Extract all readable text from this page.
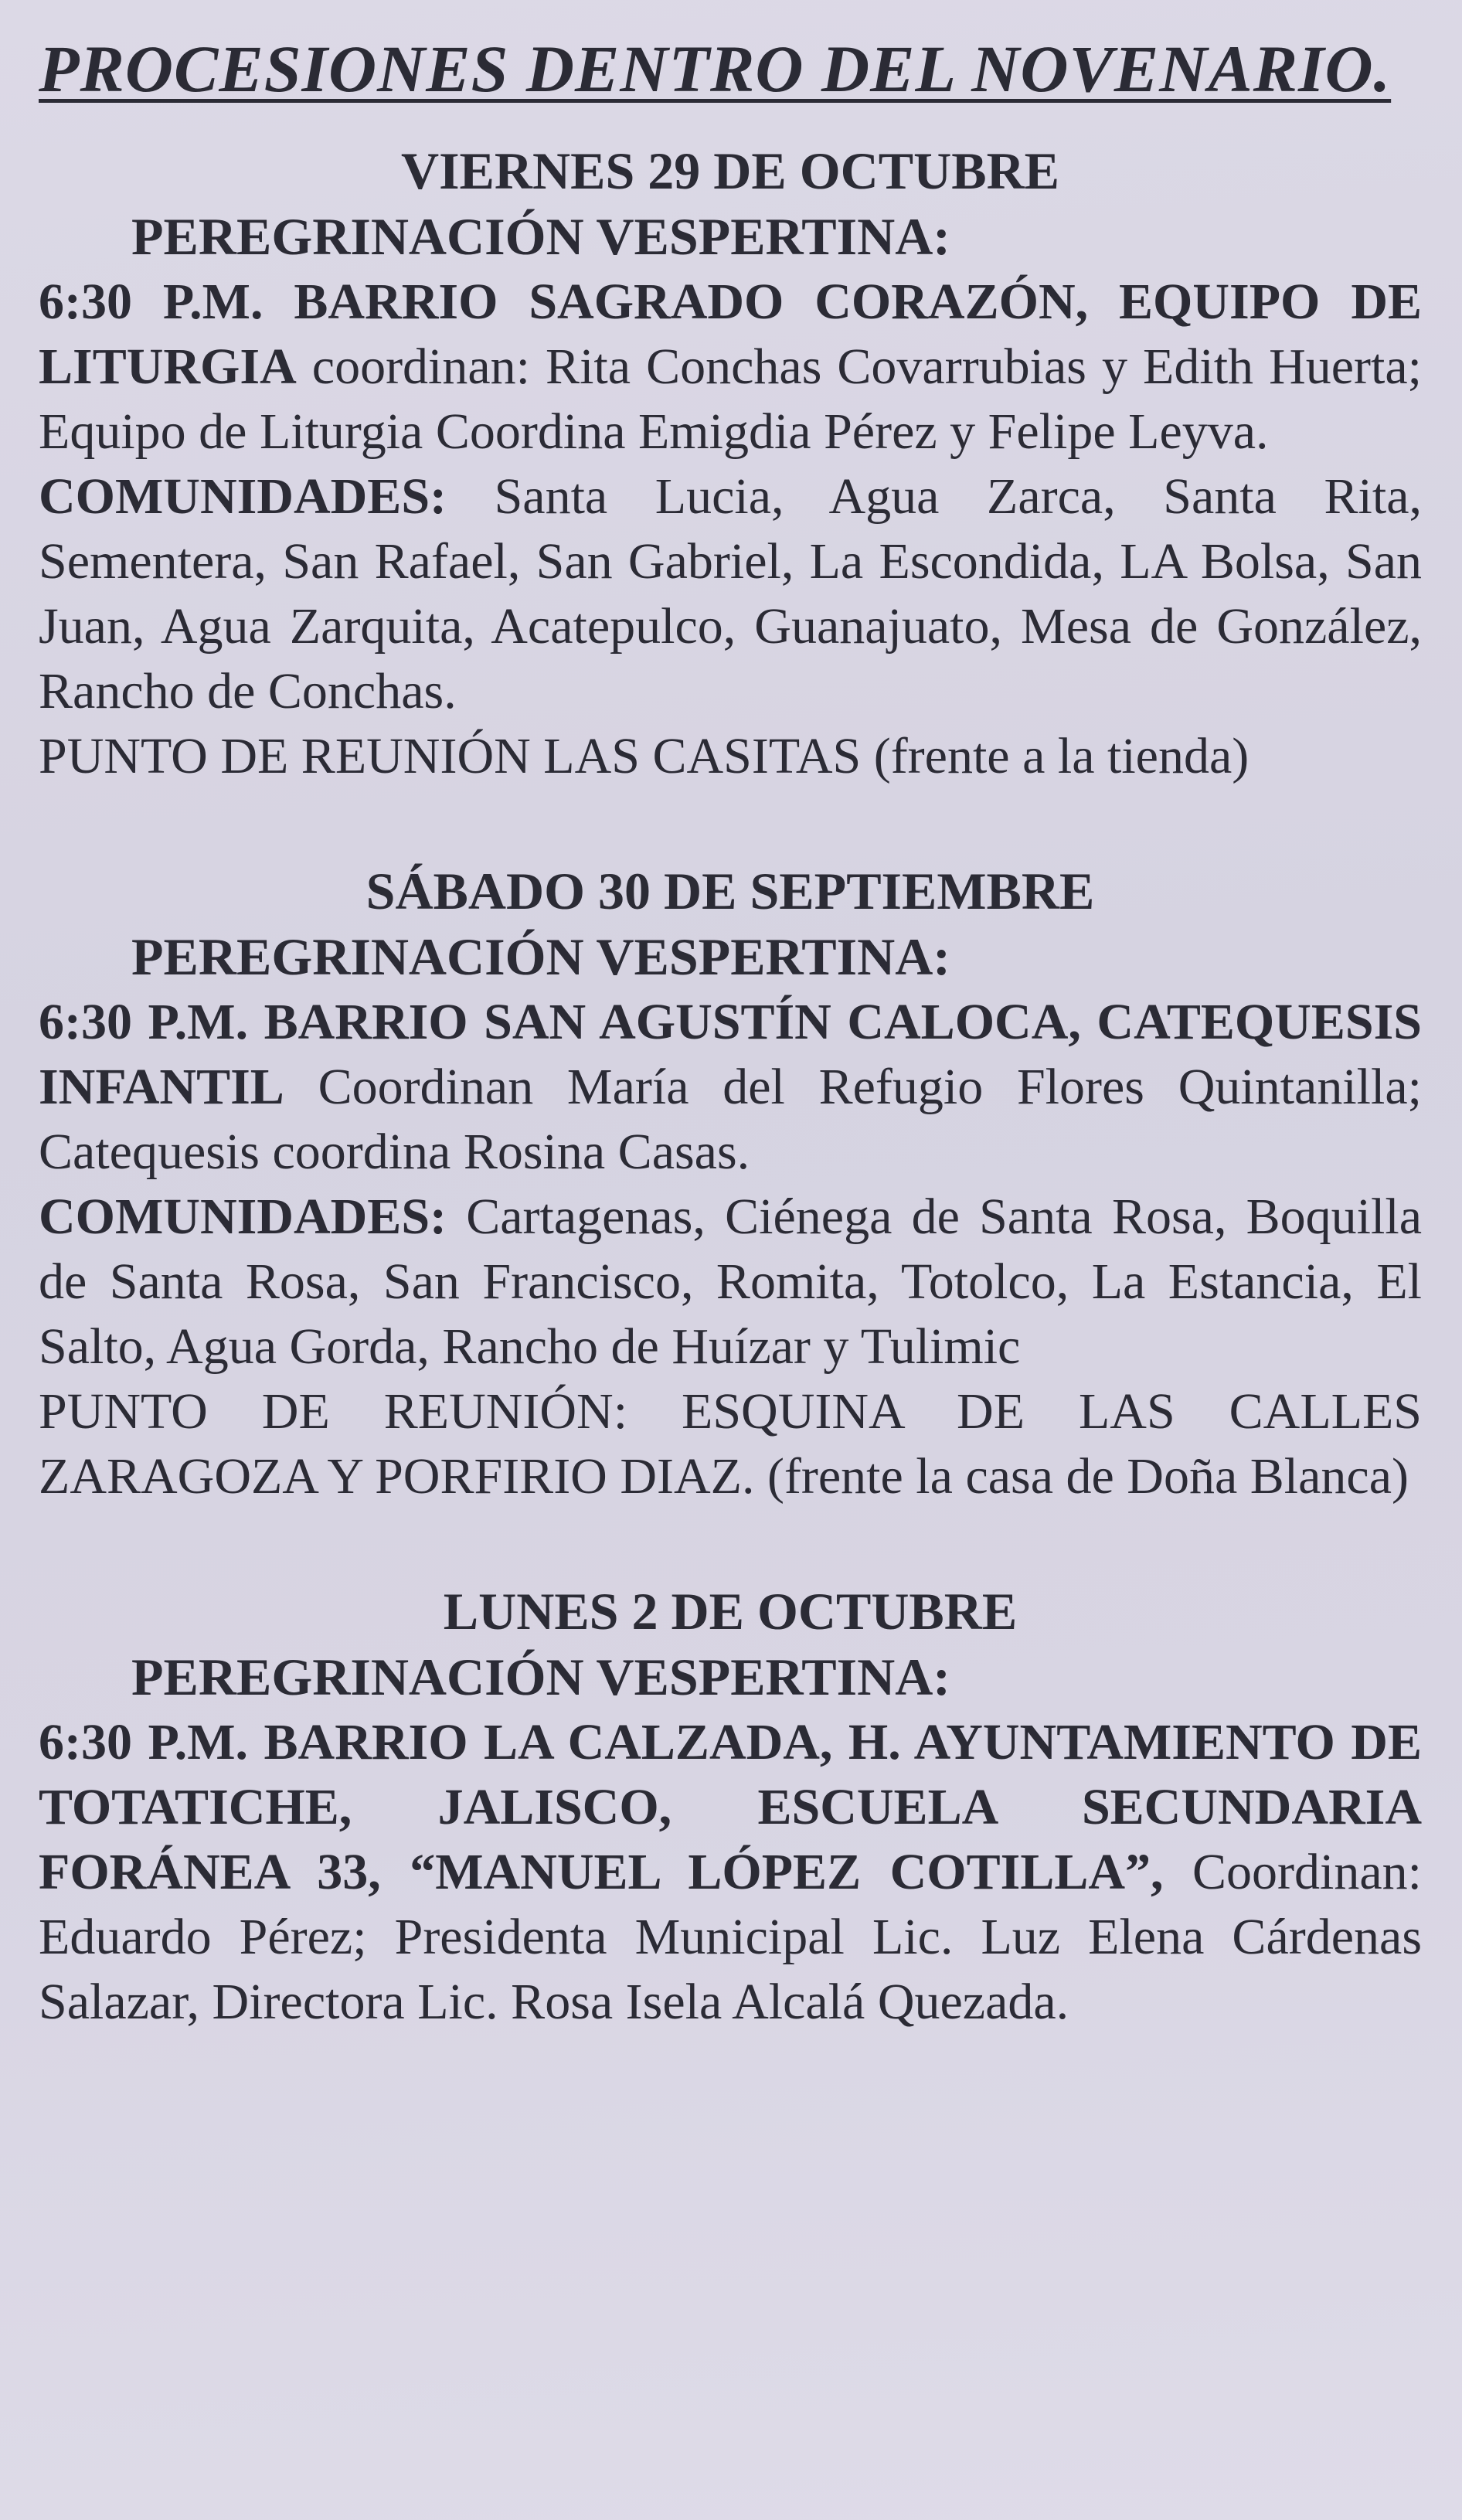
PROCESIONES DENTRO DEL NOVENARIO.
VIERNES 29 DE OCTUBRE
PEREGRINACIÓN VESPERTINA:

6:30 P.M. BARRIO SAGRADO CORAZÓN, EQUIPO DE LITURGIA coordinan: Rita Conchas Covarrubias y Edith Huerta; Equipo de Liturgia Coordina Emigdia Pérez y Felipe Leyva.

COMUNIDADES: Santa Lucia, Agua Zarca, Santa Rita, Sementera, San Rafael, San Gabriel, La Escondida, LA Bolsa, San Juan, Agua Zarquita, Acatepulco, Guanajuato, Mesa de González, Rancho de Conchas.

PUNTO DE REUNIÓN LAS CASITAS (frente a la tienda)

SÁBADO 30 DE SEPTIEMBRE
PEREGRINACIÓN VESPERTINA:

6:30 P.M. BARRIO SAN AGUSTÍN CALOCA, CATEQUESIS INFANTIL Coordinan María del Refugio Flores Quintanilla; Catequesis coordina Rosina Casas.

COMUNIDADES: Cartagenas, Ciénega de Santa Rosa, Boquilla de Santa Rosa, San Francisco, Romita, Totolco, La Estancia, El Salto, Agua Gorda, Rancho de Huízar y Tulimic

PUNTO DE REUNIÓN: ESQUINA DE LAS CALLES ZARAGOZA Y PORFIRIO DIAZ. (frente la casa de Doña Blanca)

LUNES 2 DE OCTUBRE
PEREGRINACIÓN VESPERTINA:

6:30 P.M. BARRIO LA CALZADA, H. AYUNTAMIENTO DE TOTATICHE, JALISCO, ESCUELA SECUNDARIA FORÁNEA 33, “MANUEL LÓPEZ COTILLA”, Coordinan: Eduardo Pérez; Presidenta Municipal Lic. Luz Elena Cárdenas Salazar, Directora Lic. Rosa Isela Alcalá Quezada.
